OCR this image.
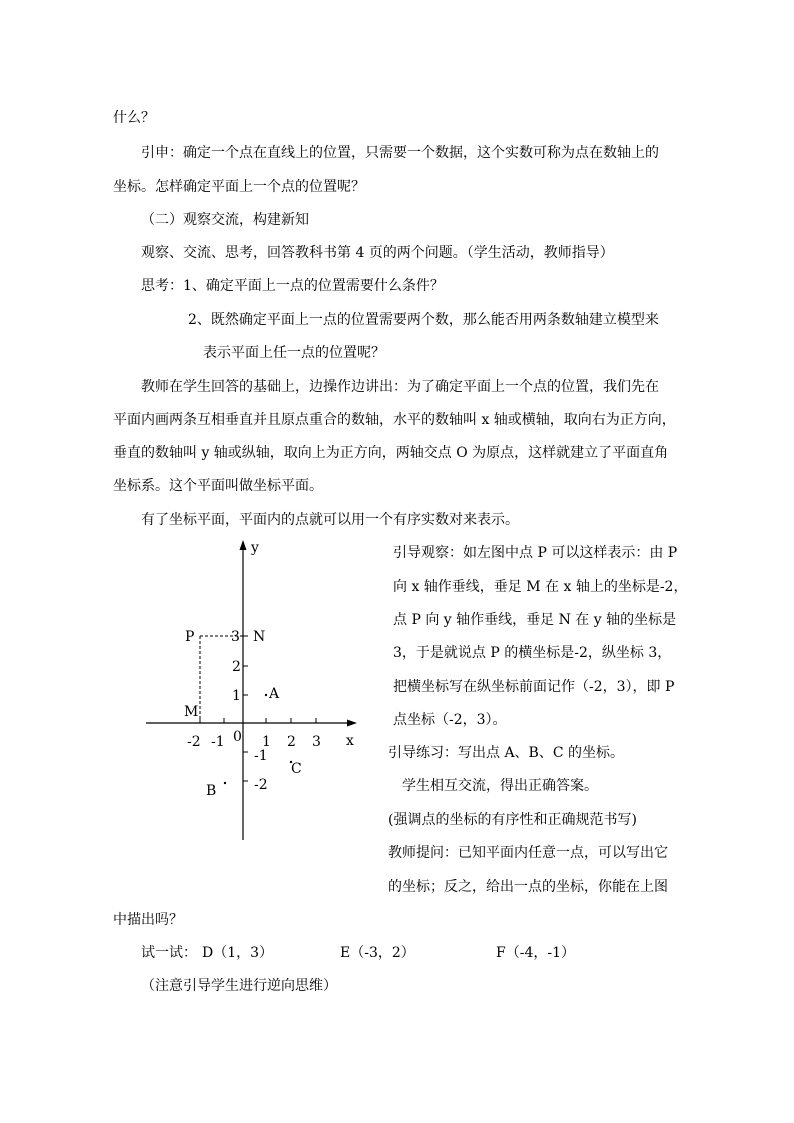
什么？
引申：确定一个点在直线上的位置，只需要一个数据，这个实数可称为点在数轴上的
坐标。怎样确定平面上一个点的位置呢？
（二）观察交流，构建新知
观察、交流、思考，回答教科书第 4 页的两个问题。（学生活动，教师指导）
思考：1、确定平面上一点的位置需要什么条件？
2、既然确定平面上一点的位置需要两个数，那么能否用两条数轴建立模型来
表示平面上任一点的位置呢？
教师在学生回答的基础上，边操作边讲出：为了确定平面上一个点的位置，我们先在
平面内画两条互相垂直并且原点重合的数轴，水平的数轴叫 x 轴或横轴，取向右为正方向，
垂直的数轴叫 y 轴或纵轴，取向上为正方向，两轴交点 O 为原点，这样就建立了平面直角
坐标系。这个平面叫做坐标平面。
有了坐标平面，平面内的点就可以用一个有序实数对来表示。
y
x
3
2
1
-1
-2
-2 -1 0 1 2 3
P	N
M
A
C
B
引导观察：如左图中点 P 可以这样表示：由 P
向 x 轴作垂线，垂足 M 在 x 轴上的坐标是-2，
点 P 向 y 轴作垂线，垂足 N 在 y 轴的坐标是
3，于是就说点 P 的横坐标是-2，纵坐标 3，
把横坐标写在纵坐标前面记作（-2，3），即 P
点坐标（-2，3）。
引导练习：写出点 A、B、C 的坐标。
学生相互交流，得出正确答案。
(强调点的坐标的有序性和正确规范书写)
教师提问：已知平面内任意一点，可以写出它
的坐标；反之，给出一点的坐标，你能在上图
中描出吗？
试一试： D（1，3）	E（-3，2）	F（-4，-1）
（注意引导学生进行逆向思维）
